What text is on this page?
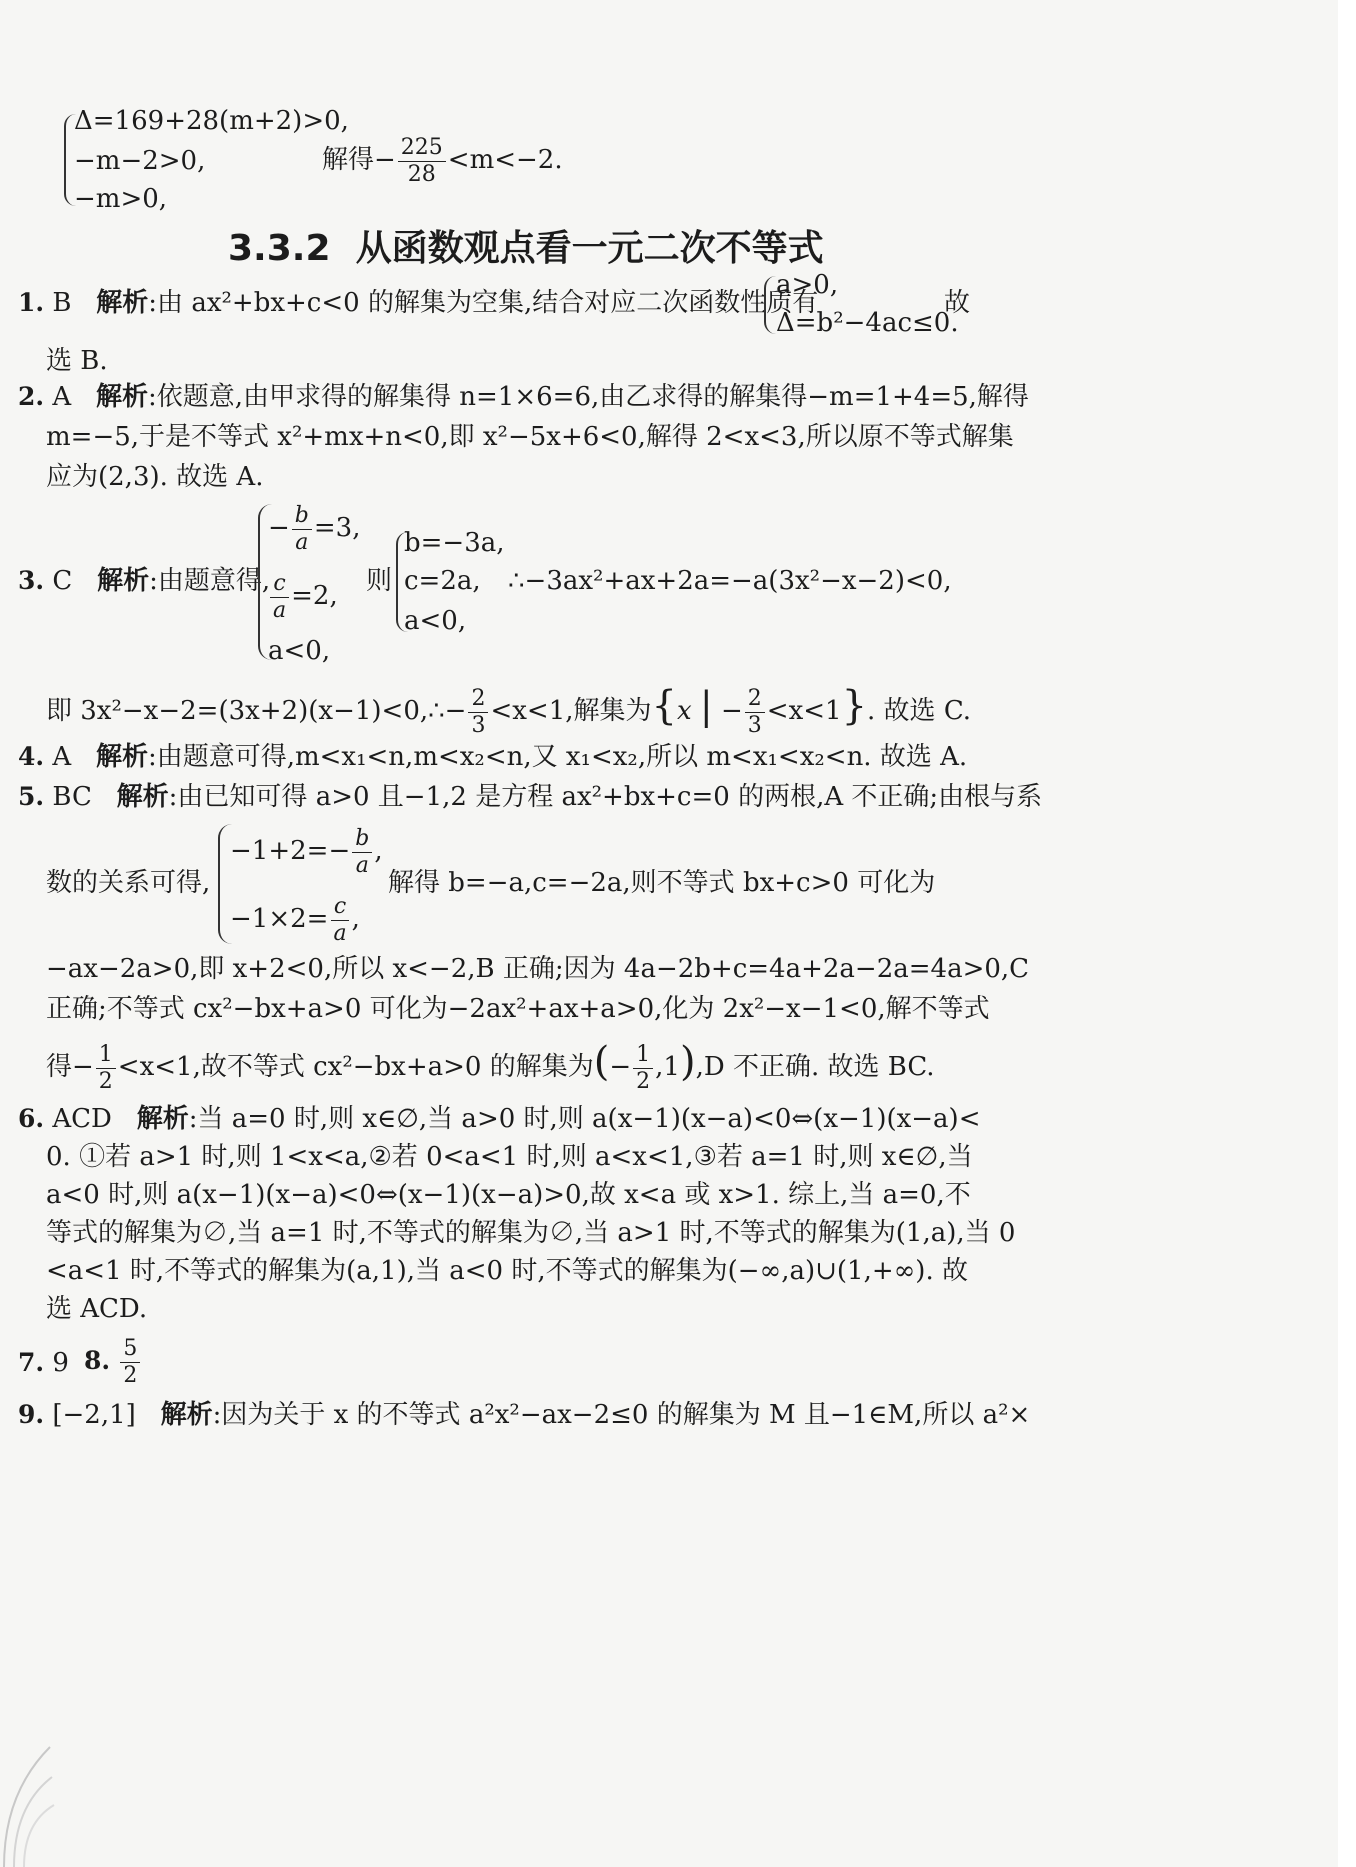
Δ=169+28(m+2)>0,
−m−2>0,
−m>0,
解得− $\frac{225}{28} <m<-2$.
3.3.2  从函数观点看一元二次不等式
1. B 解析:由 ax²+bx+c<0 的解集为空集,结合对应二次函数性质有
a>0,
Δ=b²−4ac≤0.
故
选 B.
2. A 解析:依题意,由甲求得的解集得 n=1×6=6,由乙求得的解集得−m=1+4=5,解得
m=−5,于是不等式 x²+mx+n<0,即 x²−5x+6<0,解得 2<x<3,所以原不等式解集
应为(2,3). 故选 A.
3. C 解析:由题意得,
− $\frac{b}{a} =3$,
$\frac{c}{a} =2$,
a<0,
则
b=−3a,
c=2a,
a<0,
∴−3ax²+ax+2a=−a(3x²−x−2)<0,
即 3x²−x−2=(3x+2)(x−1)<0,∴− $\frac{2}{3} <x<1$,解集为{x | − $\frac{2}{3} <x<1$}. 故选 C.
4. A 解析:由题意可得,m<x₁<n,m<x₂<n,又 x₁<x₂,所以 m<x₁<x₂<n. 故选 A.
5. BC 解析:由已知可得 a>0 且−1,2 是方程 ax²+bx+c=0 的两根,A 不正确;由根与系
数的关系可得,
$-1+2=- \frac{b}{a}$ ,
$-1\times 2= \frac{c}{a}$ ,
解得 b=−a,c=−2a,则不等式 bx+c>0 可化为
−ax−2a>0,即 x+2<0,所以 x<−2,B 正确;因为 4a−2b+c=4a+2a−2a=4a>0,C
正确;不等式 cx²−bx+a>0 可化为−2ax²+ax+a>0,化为 2x²−x−1<0,解不等式
得− $\frac{1}{2} <x<1$,故不等式 cx²−bx+a>0 的解集为(− $\frac{1}{2} ,1),D$ 不正确. 故选 BC.
6. ACD 解析:当 a=0 时,则 x∈∅,当 a>0 时,则 a(x−1)(x−a)<0⇔(x−1)(x−a)<
0. ①若 a>1 时,则 1<x<a,②若 0<a<1 时,则 a<x<1,③若 a=1 时,则 x∈∅,当
a<0 时,则 a(x−1)(x−a)<0⇔(x−1)(x−a)>0,故 x<a 或 x>1. 综上,当 a=0,不
等式的解集为∅,当 a=1 时,不等式的解集为∅,当 a>1 时,不等式的解集为(1,a),当 0
<a<1 时,不等式的解集为(a,1),当 a<0 时,不等式的解集为(−∞,a)∪(1,+∞). 故
选 ACD.
7. 9 8. $\frac{5}{2}$
9. [−2,1] 解析:因为关于 x 的不等式 a²x²−ax−2≤0 的解集为 M 且−1∈M,所以 a²×
